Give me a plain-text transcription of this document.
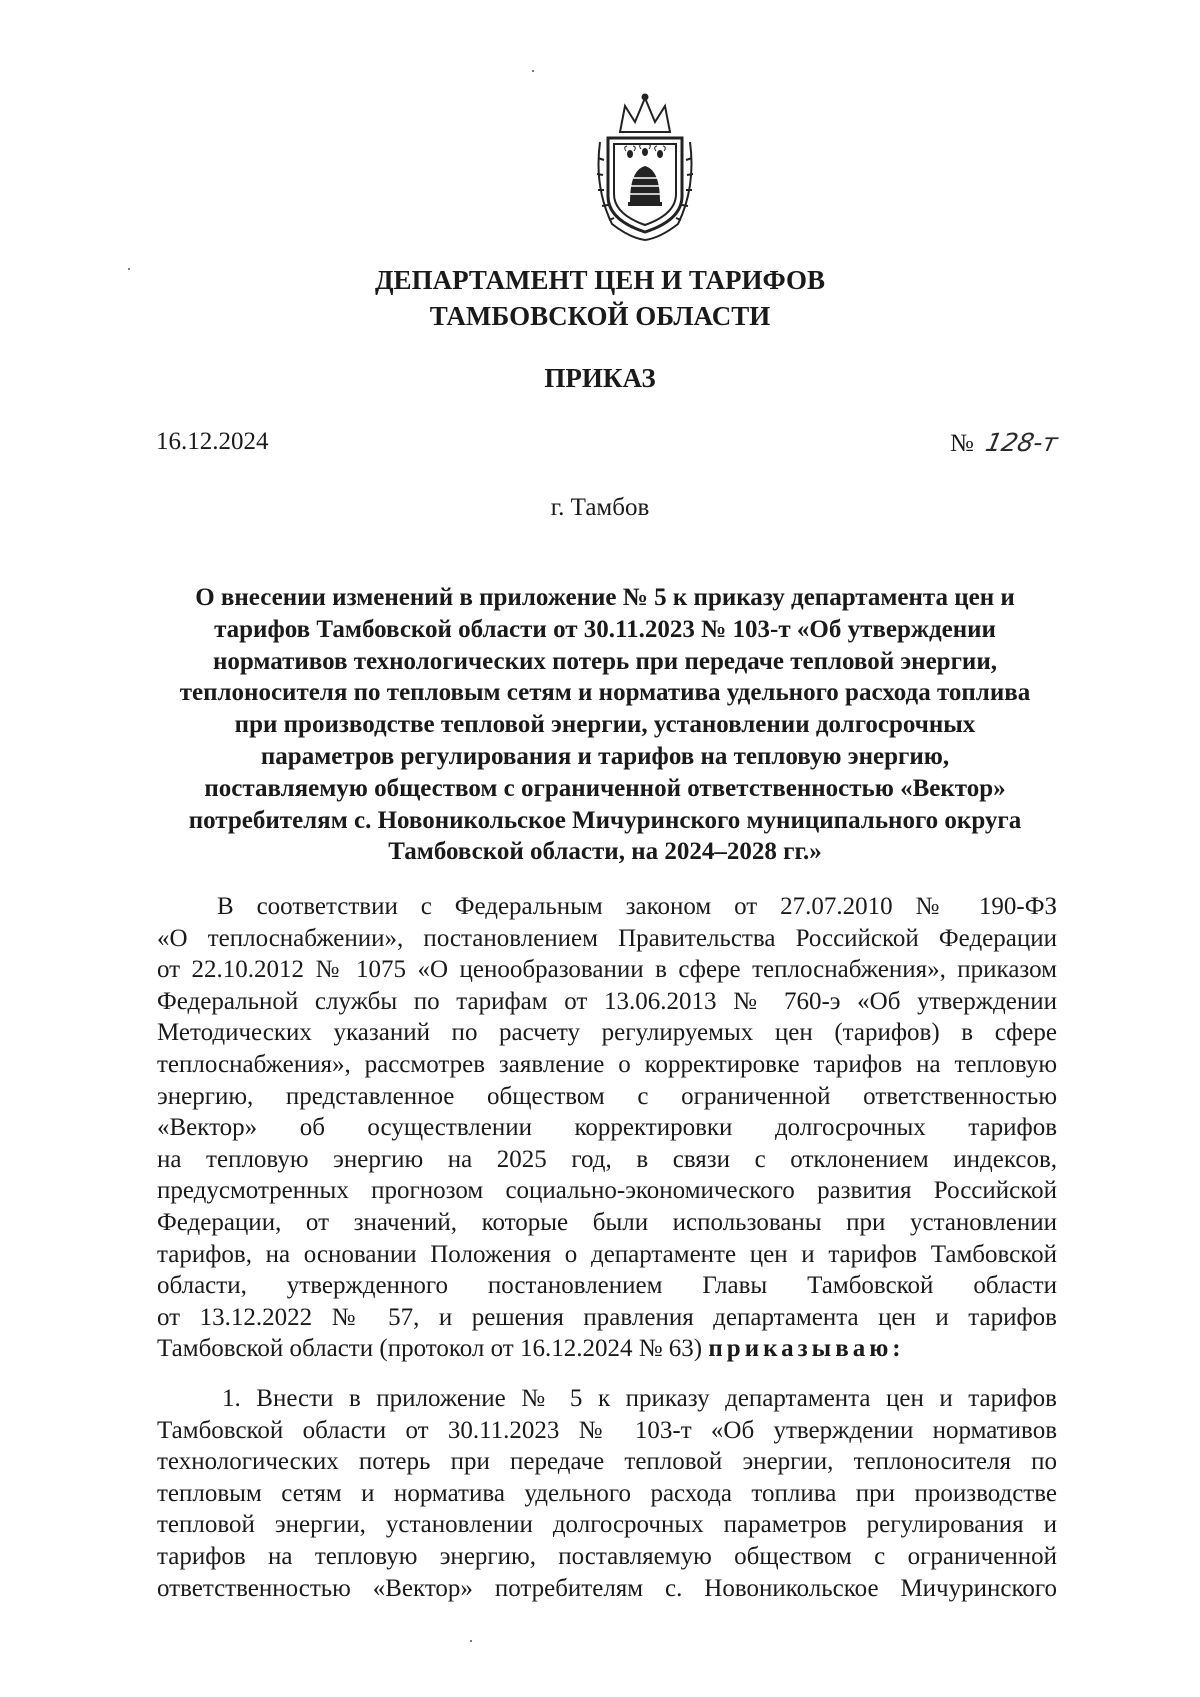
ДЕПАРТАМЕНТ ЦЕН И ТАРИФОВ
ТАМБОВСКОЙ ОБЛАСТИ
ПРИКАЗ
16.12.2024	№ 128-т
г. Тамбов
О внесении изменений в приложение № 5 к приказу департамента цен и
тарифов Тамбовской области от 30.11.2023 № 103-т «Об утверждении
нормативов технологических потерь при передаче тепловой энергии,
теплоносителя по тепловым сетям и норматива удельного расхода топлива
при производстве тепловой энергии, установлении долгосрочных
параметров регулирования и тарифов на тепловую энергию,
поставляемую обществом с ограниченной ответственностью «Вектор»
потребителям с. Новоникольское Мичуринского муниципального округа
Тамбовской области, на 2024–2028 гг.»
В соответствии с Федеральным законом от 27.07.2010 № 190-ФЗ
«О теплоснабжении», постановлением Правительства Российской Федерации
от 22.10.2012 № 1075 «О ценообразовании в сфере теплоснабжения», приказом
Федеральной службы по тарифам от 13.06.2013 № 760-э «Об утверждении
Методических указаний по расчету регулируемых цен (тарифов) в сфере
теплоснабжения», рассмотрев заявление о корректировке тарифов на тепловую
энергию, представленное обществом с ограниченной ответственностью
«Вектор» об осуществлении корректировки долгосрочных тарифов
на тепловую энергию на 2025 год, в связи с отклонением индексов,
предусмотренных прогнозом социально-экономического развития Российской
Федерации, от значений, которые были использованы при установлении
тарифов, на основании Положения о департаменте цен и тарифов Тамбовской
области, утвержденного постановлением Главы Тамбовской области
от 13.12.2022 № 57, и решения правления департамента цен и тарифов
Тамбовской области (протокол от 16.12.2024 № 63) приказываю:
1. Внести в приложение № 5 к приказу департамента цен и тарифов
Тамбовской области от 30.11.2023 № 103-т «Об утверждении нормативов
технологических потерь при передаче тепловой энергии, теплоносителя по
тепловым сетям и норматива удельного расхода топлива при производстве
тепловой энергии, установлении долгосрочных параметров регулирования и
тарифов на тепловую энергию, поставляемую обществом с ограниченной
ответственностью «Вектор» потребителям с. Новоникольское Мичуринского
